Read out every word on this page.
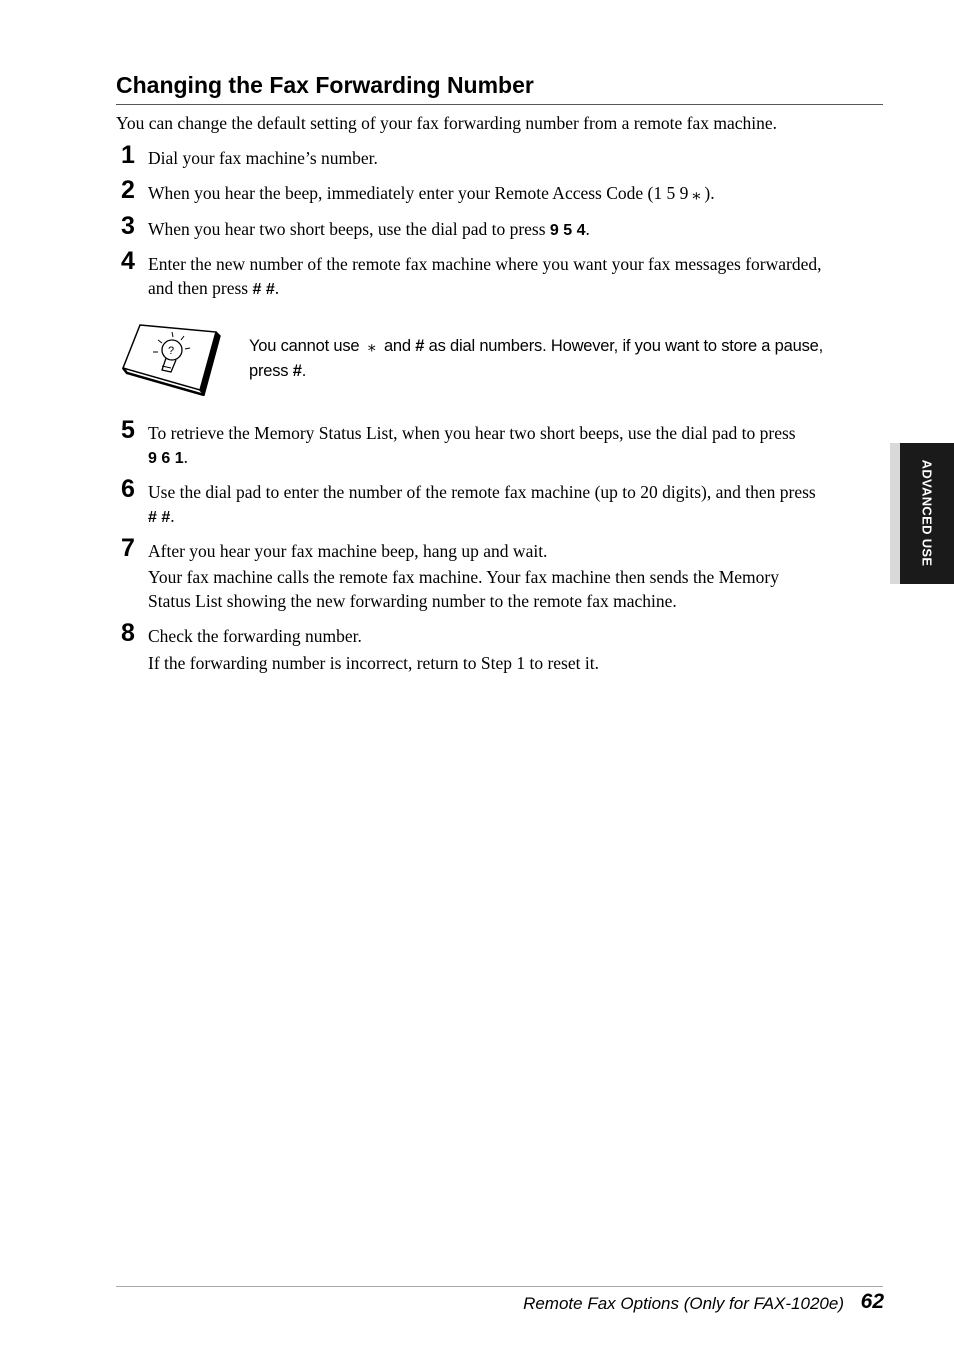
Changing the Fax Forwarding Number
You can change the default setting of your fax forwarding number from a remote fax machine.
1 Dial your fax machine’s number.
2 When you hear the beep, immediately enter your Remote Access Code (1 5 9 ⁎ ).
3 When you hear two short beeps, use the dial pad to press 9 5 4.
4 Enter the new number of the remote fax machine where you want your fax messages forwarded,
and then press # #.
?	You cannot use ⁎ and # as dial numbers. However, if you want to store a pause,
press #.
5 To retrieve the Memory Status List, when you hear two short beeps, use the dial pad to press
9 6 1.
6 Use the dial pad to enter the number of the remote fax machine (up to 20 digits), and then press
# #.
7 After you hear your fax machine beep, hang up and wait.
Your fax machine calls the remote fax machine. Your fax machine then sends the Memory
Status List showing the new forwarding number to the remote fax machine.
8 Check the forwarding number.
If the forwarding number is incorrect, return to Step 1 to reset it.
ADVANCED USE
Remote Fax Options (Only for FAX-1020e) 62
